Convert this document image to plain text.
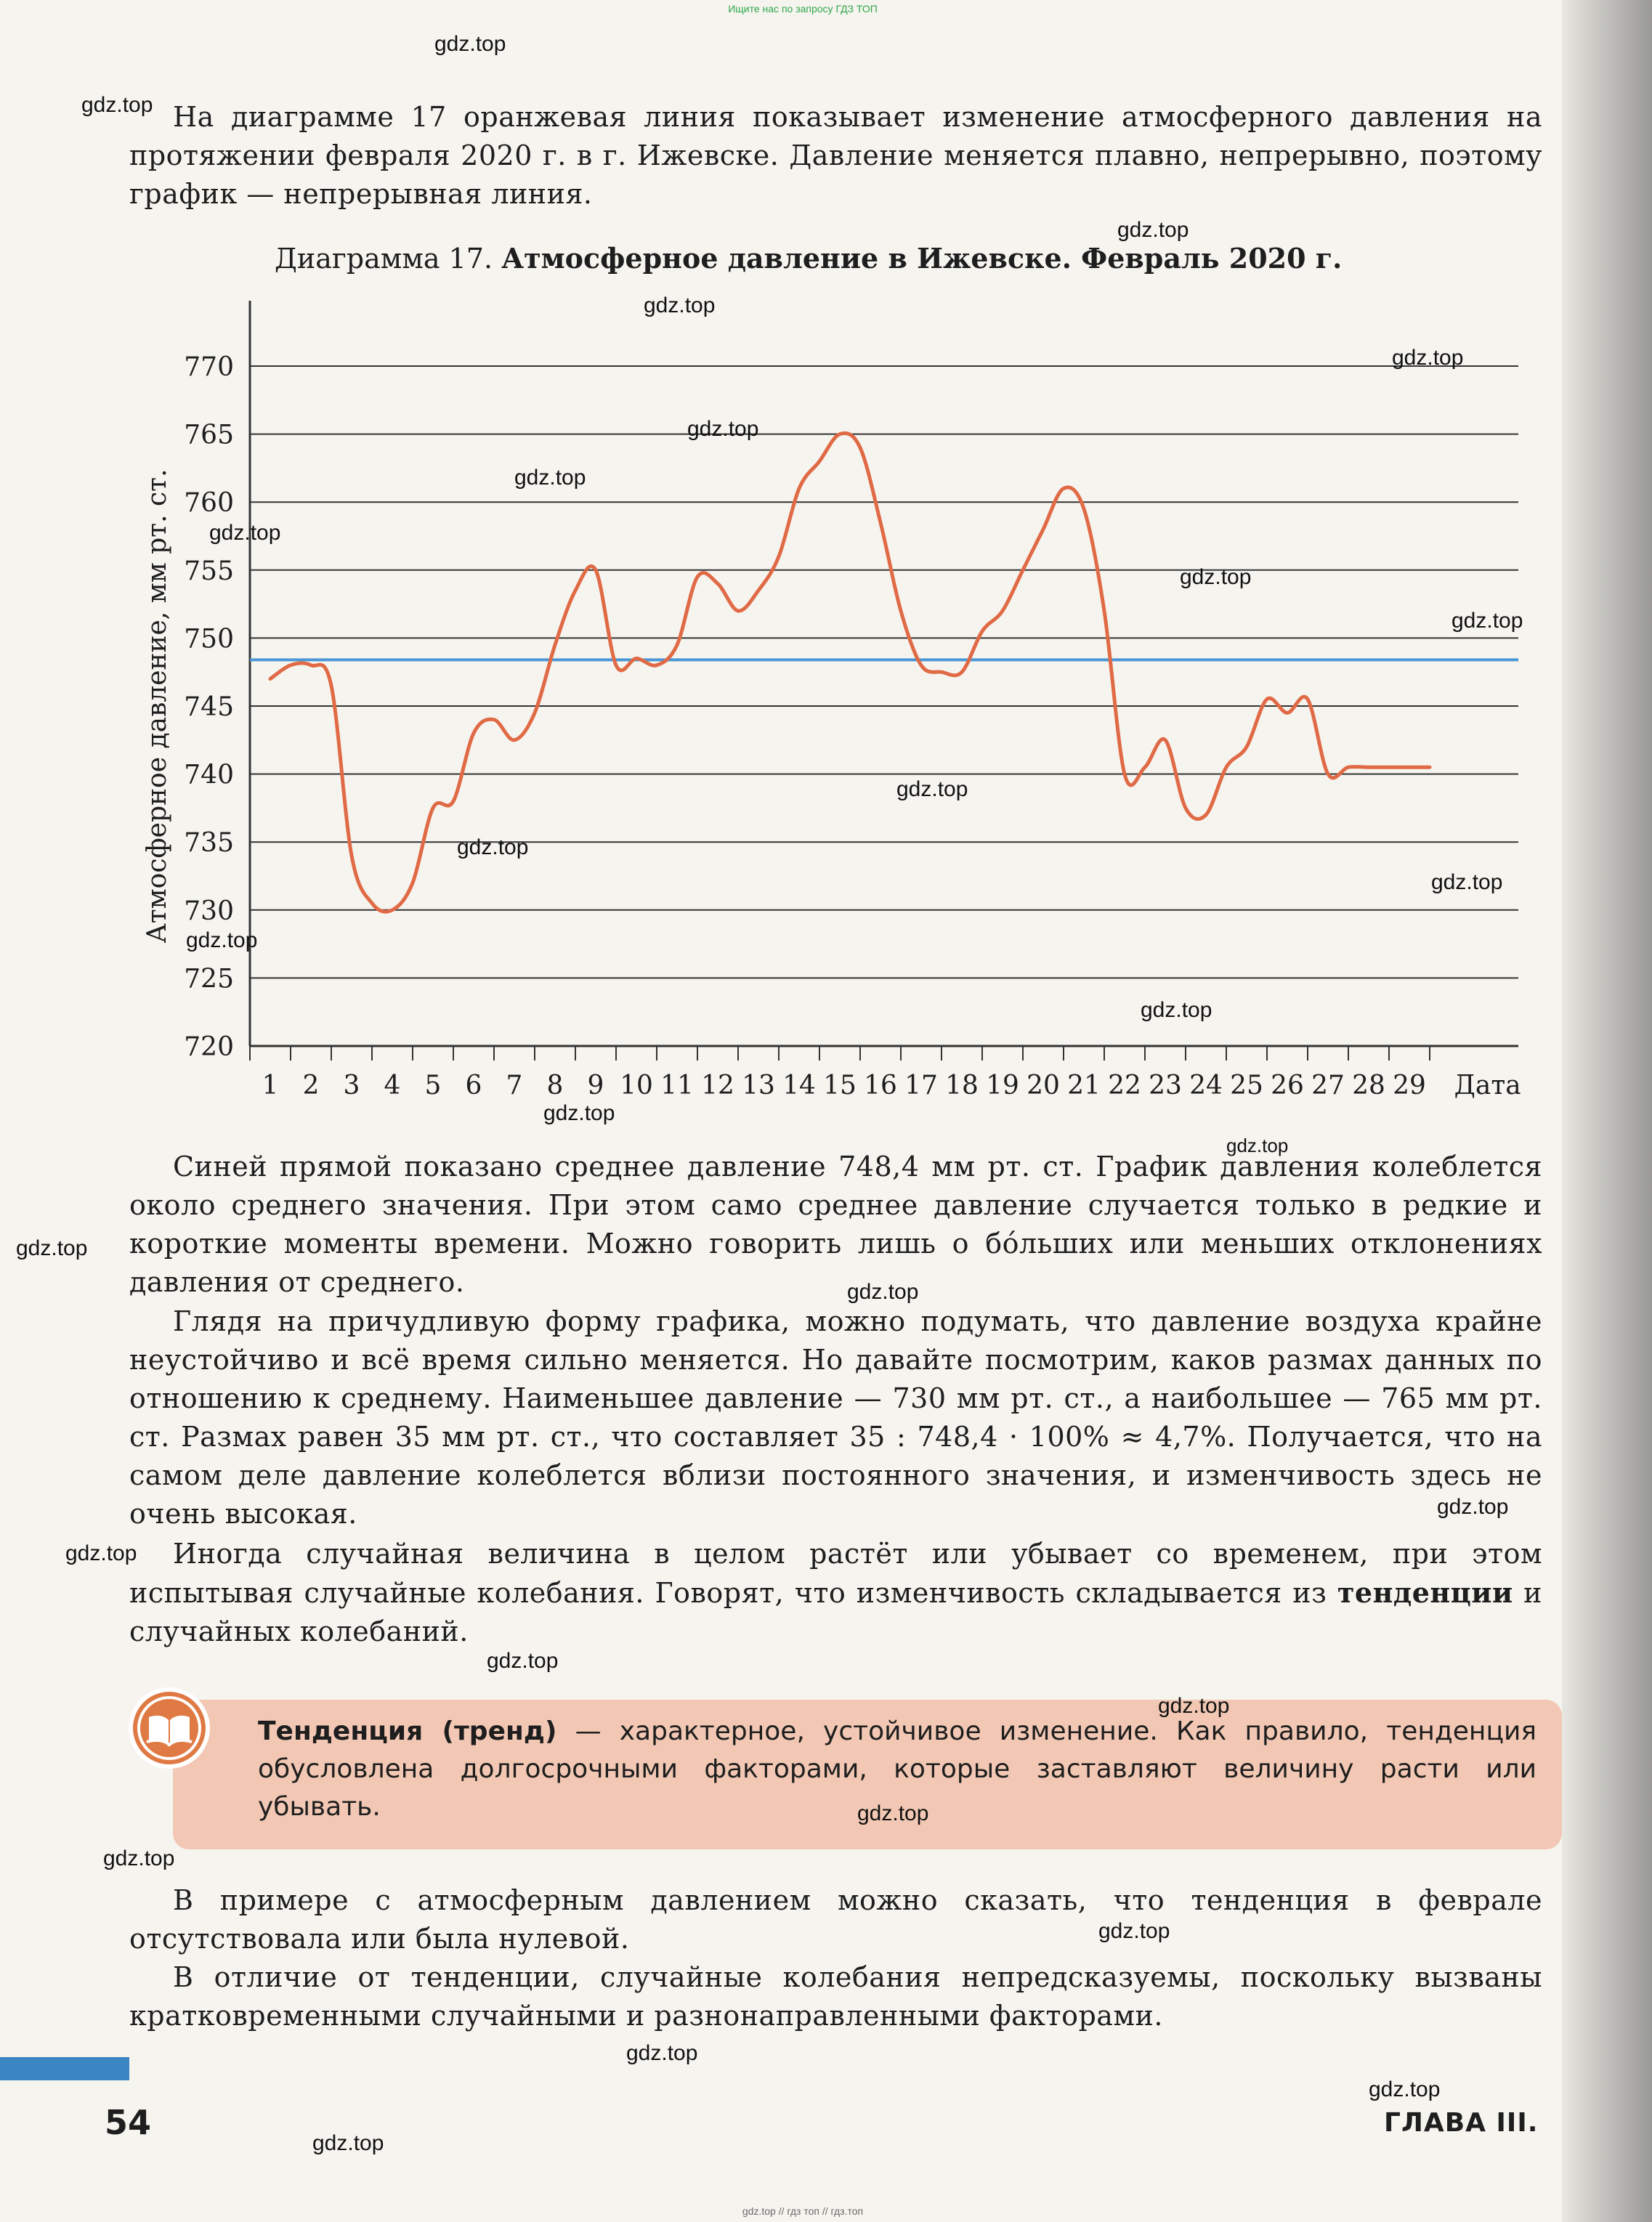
Ищите нас по запросу ГДЗ ТОП

На диаграмме 17 оранжевая линия показывает изменение атмосферного давления на протяжении февраля 2020 г. в г. Ижевске. Давление меняется плавно, непрерывно, поэтому график — непрерывная линия.

Диаграмма 17. Атмосферное давление в Ижевске. Февраль 2020 г.
720
725
730
735
740
745
750
755
760
765
770
1 2 3 4 5 6 7 8 9 10 11 12 13 14 15 16 17 18 19 20 21 22 23 24 25 26 27 28 29 Дата
Атмосферное давление, мм рт. ст.

Синей прямой показано среднее давление 748,4 мм рт. ст. График давления колеблется около среднего значения. При этом само среднее давление случается только в редкие и короткие моменты времени. Можно говорить лишь о бóльших или меньших отклонениях давления от среднего.

Глядя на причудливую форму графика, можно подумать, что давление воздуха крайне неустойчиво и всё время сильно меняется. Но давайте посмотрим, каков размах данных по отношению к среднему. Наименьшее давление — 730 мм рт. ст., а наибольшее — 765 мм рт. ст. Размах равен 35 мм рт. ст., что составляет 35 : 748,4 · 100% ≈ 4,7%. Получается, что на самом деле давление колеблется вблизи постоянного значения, и изменчивость здесь не очень высокая.

Иногда случайная величина в целом растёт или убывает со временем, при этом испытывая случайные колебания. Говорят, что изменчивость складывается из тенденции и случайных колебаний.

Тенденция (тренд) — характерное, устойчивое изменение. Как правило, тенденция обусловлена долгосрочными факторами, которые заставляют величину расти или убывать.

В примере с атмосферным давлением можно сказать, что тенденция в феврале отсутствовала или была нулевой.

В отличие от тенденции, случайные колебания непредсказуемы, поскольку вызваны кратковременными случайными и разнонаправленными факторами.

54	ГЛАВА III.
gdz.top
gdz.top
gdz.top
gdz.top
gdz.top
gdz.top
gdz.top
gdz.top
gdz.top
gdz.top
gdz.top
gdz.top
gdz.top
gdz.top
gdz.top
gdz.top
gdz.top
gdz.top
gdz.top
gdz.top
gdz.top
gdz.top
gdz.top
gdz.top
gdz.top
gdz.top
gdz.top
gdz.top
gdz.top
gdz.top // гдз топ // гдз.топ
